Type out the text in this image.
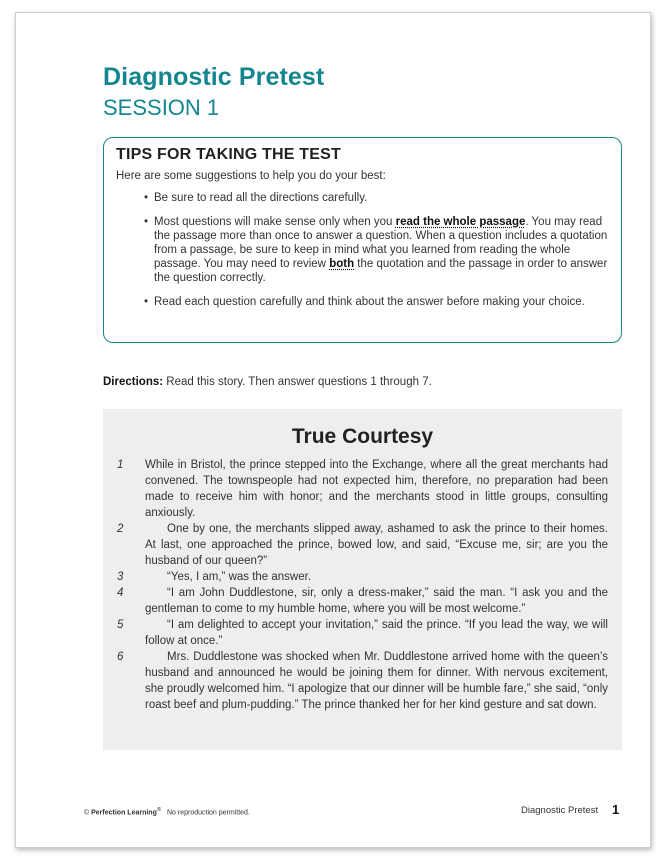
Diagnostic Pretest
SESSION 1
TIPS FOR TAKING THE TEST

Here are some suggestions to help you do your best:

• Be sure to read all the directions carefully.
• Most questions will make sense only when you read the whole passage. You may read the passage more than once to answer a question. When a question includes a quotation from a passage, be sure to keep in mind what you learned from reading the whole passage. You may need to review both the quotation and the passage in order to answer the question correctly.
• Read each question carefully and think about the answer before making your choice.

Directions: Read this story. Then answer questions 1 through 7.

True Courtesy
1	While in Bristol, the prince stepped into the Exchange, where all the great merchants had convened. The townspeople had not expected him, therefore, no preparation had been made to receive him with honor; and the merchants stood in little groups, consulting anxiously.

2	One by one, the merchants slipped away, ashamed to ask the prince to their homes. At last, one approached the prince, bowed low, and said, “Excuse me, sir; are you the husband of our queen?”

3	“Yes, I am,” was the answer.

4	“I am John Duddlestone, sir, only a dress-maker,” said the man. “I ask you and the gentleman to come to my humble home, where you will be most welcome.”

5	“I am delighted to accept your invitation,” said the prince. “If you lead the way, we will follow at once.”

6	Mrs. Duddlestone was shocked when Mr. Duddlestone arrived home with the queen’s husband and announced he would be joining them for dinner. With nervous excitement, she proudly welcomed him. “I apologize that our dinner will be humble fare,” she said, “only roast beef and plum-pudding.” The prince thanked her for her kind gesture and sat down.

© Perfection Learning® No reproduction permitted.	Diagnostic Pretest 1
